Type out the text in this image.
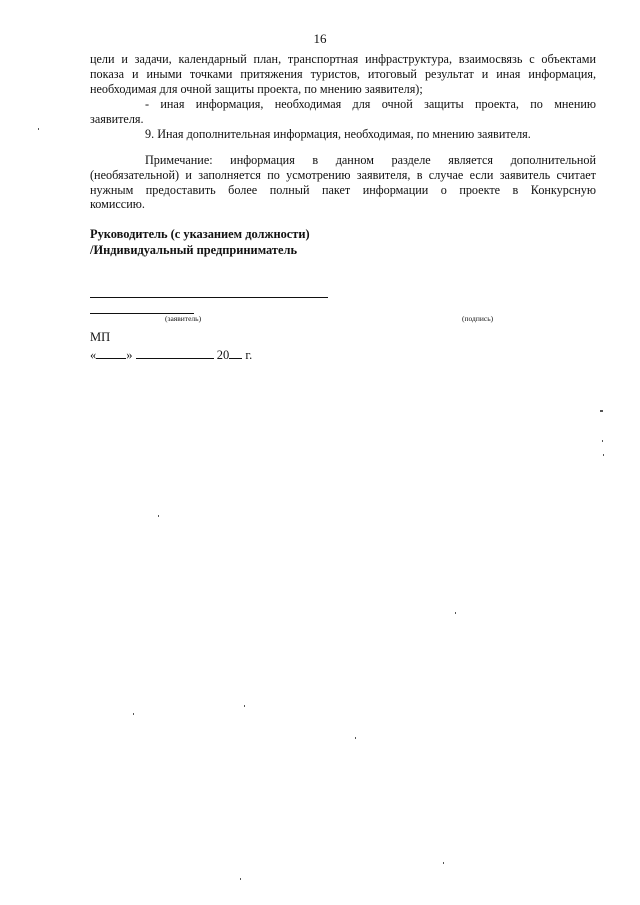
16
цели и задачи, календарный план, транспортная инфраструктура, взаимосвязь с объектами
показа и иными точками притяжения туристов, итоговый результат и иная информация,
необходимая для очной защиты проекта, по мнению заявителя);
- иная информация, необходимая для очной защиты проекта, по мнению
заявителя.
9. Иная дополнительная информация, необходимая, по мнению заявителя.
Примечание: информация в данном разделе является дополнительной
(необязательной) и заполняется по усмотрению заявителя, в случае если заявитель считает
нужным предоставить более полный пакет информации о проекте в Конкурсную
комиссию.
Руководитель (с указанием должности)
/Индивидуальный предприниматель
(заявитель)	(подпись)
МП
« »	20 г.
